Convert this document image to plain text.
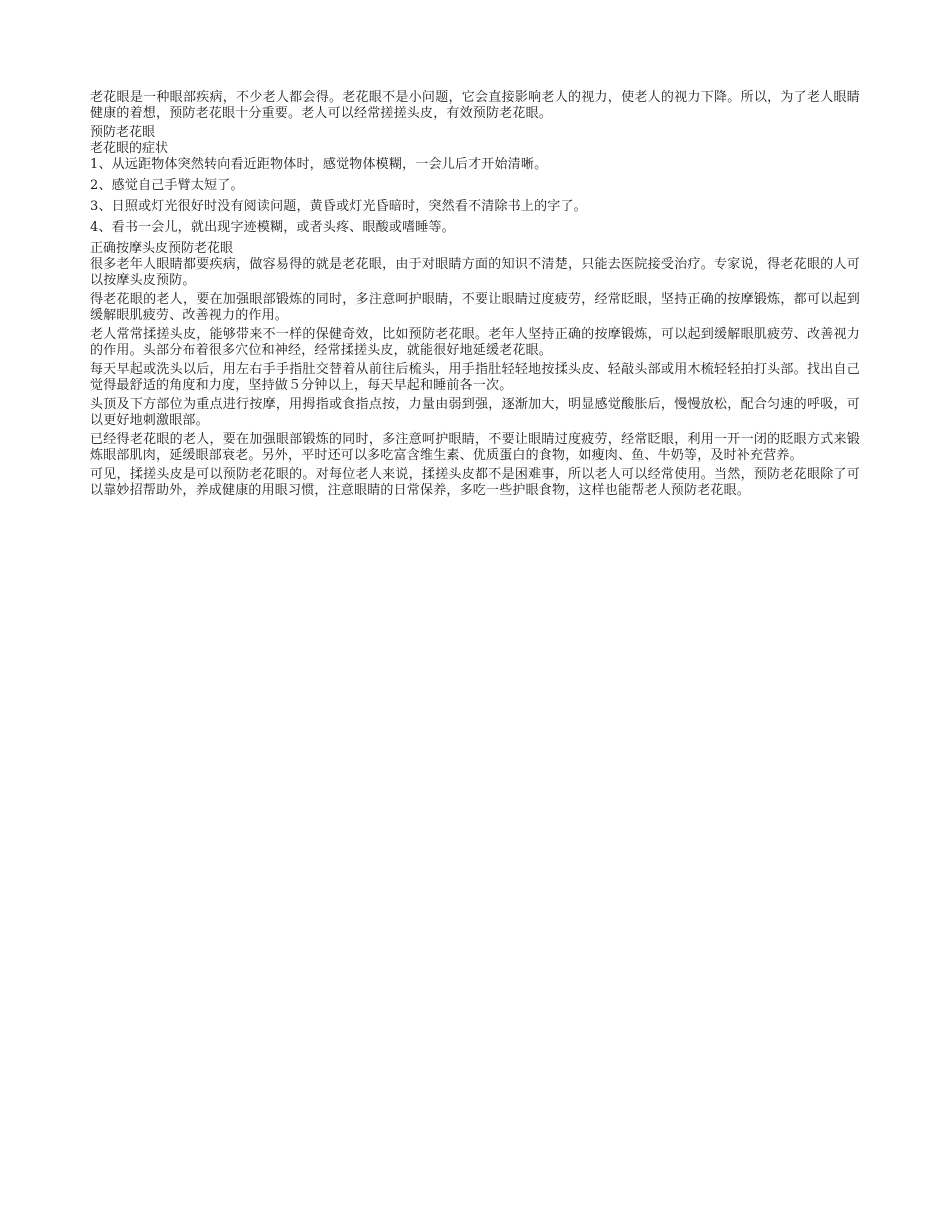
老花眼是一种眼部疾病，不少老人都会得。老花眼不是小问题，它会直接影响老人的视力，使老人的视力下降。所以，为了老人眼睛健康的着想，预防老花眼十分重要。老人可以经常搓搓头皮，有效预防老花眼。

预防老花眼

老花眼的症状

1、从远距物体突然转向看近距物体时，感觉物体模糊，一会儿后才开始清晰。

2、感觉自己手臂太短了。

3、日照或灯光很好时没有阅读问题，黄昏或灯光昏暗时，突然看不清除书上的字了。

4、看书一会儿，就出现字迹模糊，或者头疼、眼酸或嗜睡等。

正确按摩头皮预防老花眼

很多老年人眼睛都要疾病，做容易得的就是老花眼，由于对眼睛方面的知识不清楚，只能去医院接受治疗。专家说，得老花眼的人可以按摩头皮预防。

得老花眼的老人，要在加强眼部锻炼的同时，多注意呵护眼睛，不要让眼睛过度疲劳，经常眨眼，坚持正确的按摩锻炼，都可以起到缓解眼肌疲劳、改善视力的作用。

老人常常揉搓头皮，能够带来不一样的保健奇效，比如预防老花眼。老年人坚持正确的按摩锻炼，可以起到缓解眼肌疲劳、改善视力的作用。头部分布着很多穴位和神经，经常揉搓头皮，就能很好地延缓老花眼。

每天早起或洗头以后，用左右手手指肚交替着从前往后梳头，用手指肚轻轻地按揉头皮、轻敲头部或用木梳轻轻拍打头部。找出自己觉得最舒适的角度和力度，坚持做５分钟以上，每天早起和睡前各一次。

头顶及下方部位为重点进行按摩，用拇指或食指点按，力量由弱到强，逐渐加大，明显感觉酸胀后，慢慢放松，配合匀速的呼吸，可以更好地刺激眼部。

已经得老花眼的老人，要在加强眼部锻炼的同时，多注意呵护眼睛，不要让眼睛过度疲劳，经常眨眼，利用一开一闭的眨眼方式来锻炼眼部肌肉，延缓眼部衰老。另外，平时还可以多吃富含维生素、优质蛋白的食物，如瘦肉、鱼、牛奶等，及时补充营养。

可见，揉搓头皮是可以预防老花眼的。对每位老人来说，揉搓头皮都不是困难事，所以老人可以经常使用。当然，预防老花眼除了可以靠妙招帮助外，养成健康的用眼习惯，注意眼睛的日常保养，多吃一些护眼食物，这样也能帮老人预防老花眼。
